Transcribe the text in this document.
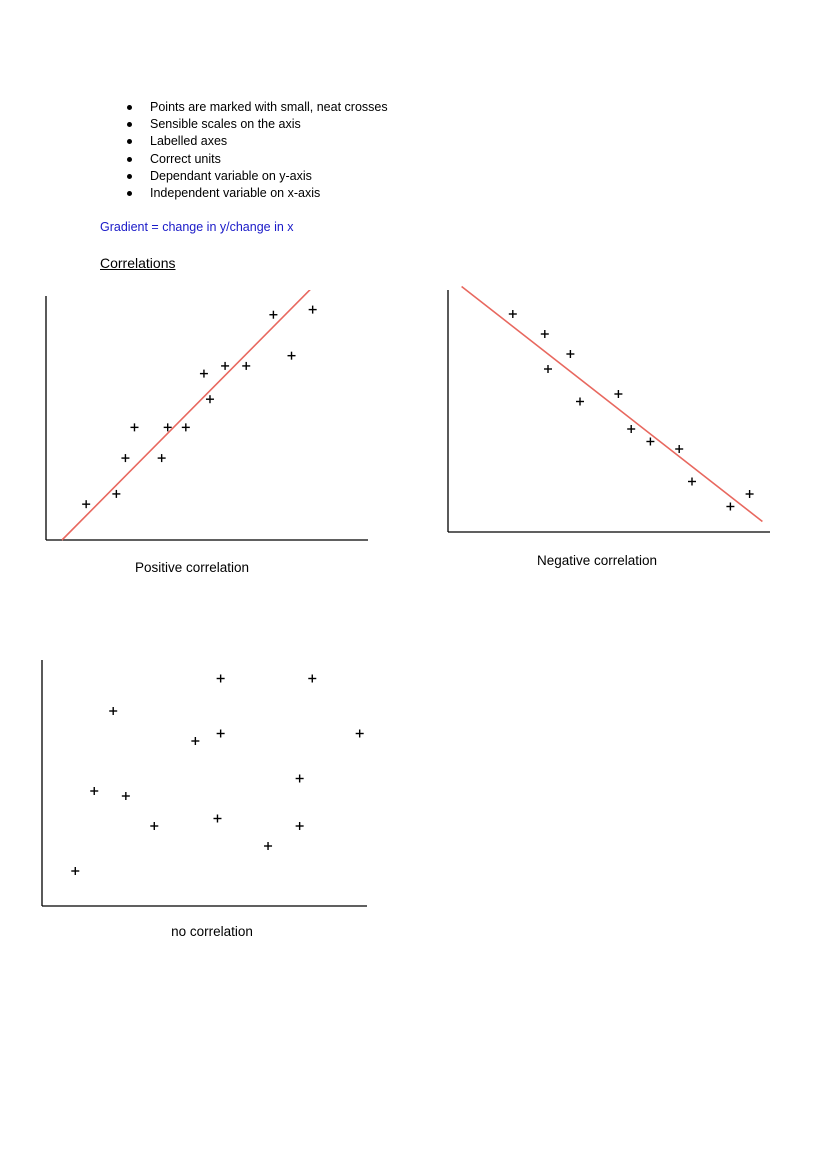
Points are marked with small, neat crosses
Sensible scales on the axis
Labelled axes
Correct units
Dependant variable on y-axis
Independent variable on x-axis
Gradient = change in y/change in x
Correlations
Positive correlation	Negative correlation
no correlation
